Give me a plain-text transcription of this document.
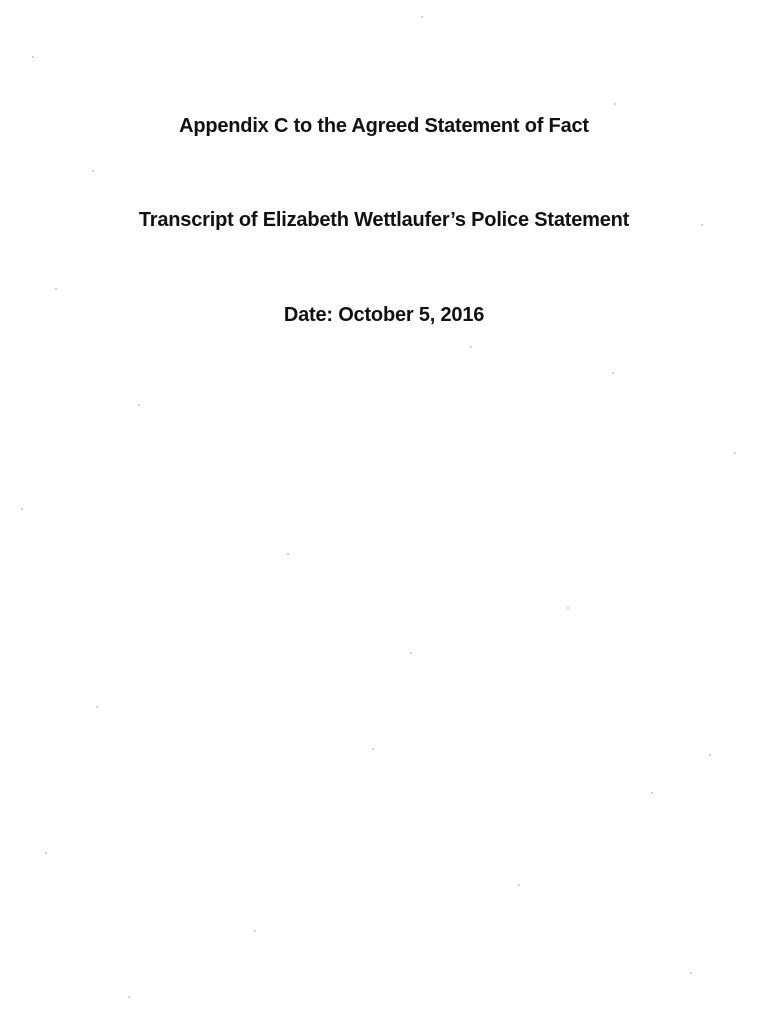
Appendix C to the Agreed Statement of Fact
Transcript of Elizabeth Wettlaufer’s Police Statement
Date: October 5, 2016
